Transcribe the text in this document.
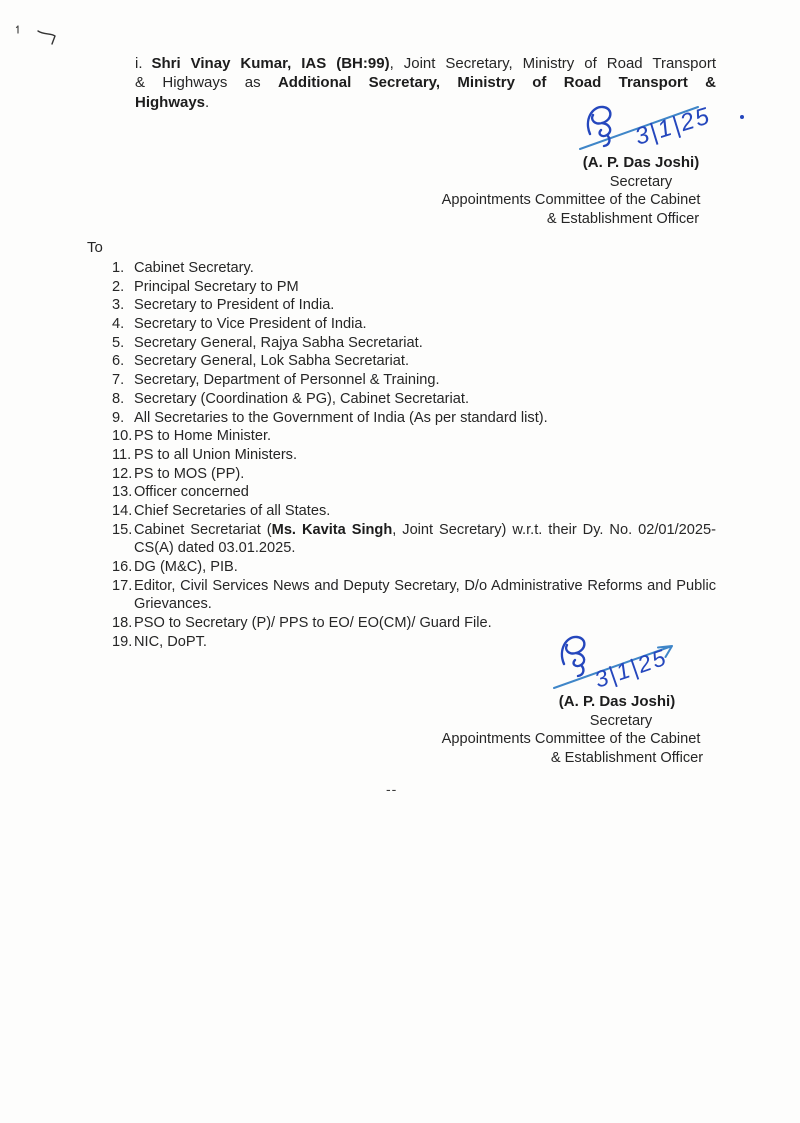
i. Shri Vinay Kumar, IAS (BH:99), Joint Secretary, Ministry of Road Transport
& Highways as Additional Secretary, Ministry of Road Transport &
Highways.	3|1|25
(A. P. Das Joshi)
Secretary
Appointments Committee of the Cabinet
& Establishment Officer
To
1. Cabinet Secretary.
2. Principal Secretary to PM
3. Secretary to President of India.
4. Secretary to Vice President of India.
5. Secretary General, Rajya Sabha Secretariat.
6. Secretary General, Lok Sabha Secretariat.
7. Secretary, Department of Personnel & Training.
8. Secretary (Coordination & PG), Cabinet Secretariat.
9. All Secretaries to the Government of India (As per standard list).
10. PS to Home Minister.
11. PS to all Union Ministers.
12. PS to MOS (PP).
13. Officer concerned
14. Chief Secretaries of all States.
15. Cabinet Secretariat (Ms. Kavita Singh, Joint Secretary) w.r.t. their Dy. No. 02/01/2025-CS(A) dated 03.01.2025.
16. DG (M&C), PIB.
17. Editor, Civil Services News and Deputy Secretary, D/o Administrative Reforms and Public Grievances.
18. PSO to Secretary (P)/ PPS to EO/ EO(CM)/ Guard File.
19. NIC, DoPT.
3|1|25
(A. P. Das Joshi)
Secretary
Appointments Committee of the Cabinet
& Establishment Officer
--
